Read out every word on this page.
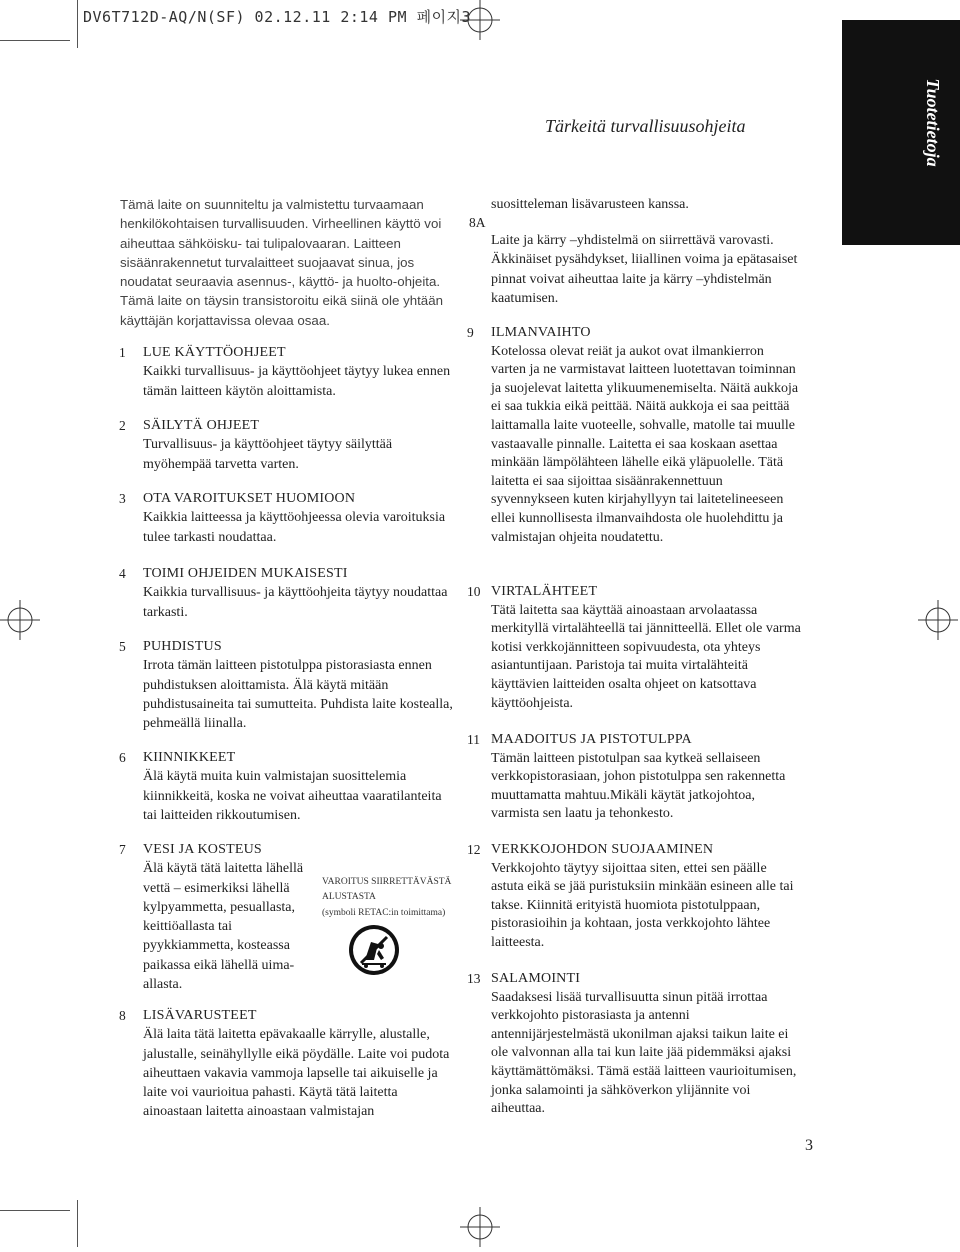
DV6T712D-AQ/N(SF) 02.12.11 2:14 PM 페이지3
Tärkeitä turvallisuusohjeita	Tuotetietoja
Tämä laite on suunniteltu ja valmistettu turvaamaan henkilökohtaisen turvallisuuden. Virheellinen käyttö voi aiheuttaa sähköisku- tai tulipalovaaran. Laitteen sisäänrakennetut turvalaitteet suojaavat sinua, jos noudatat seuraavia asennus-, käyttö- ja huolto-ohjeita. Tämä laite on täysin transistoroitu eikä siinä ole yhtään käyttäjän korjattavissa olevaa osaa.
1 LUE KÄYTTÖOHJEET
Kaikki turvallisuus- ja käyttöohjeet täytyy lukea ennen tämän laitteen käytön aloittamista.
2 SÄILYTÄ OHJEET
Turvallisuus- ja käyttöohjeet täytyy säilyttää myöhempää tarvetta varten.
3 OTA VAROITUKSET HUOMIOON
Kaikkia laitteessa ja käyttöohjeessa olevia varoituksia tulee tarkasti noudattaa.
4 TOIMI OHJEIDEN MUKAISESTI
Kaikkia turvallisuus- ja käyttöohjeita täytyy noudattaa tarkasti.
5 PUHDISTUS
Irrota tämän laitteen pistotulppa pistorasiasta ennen puhdistuksen aloittamista. Älä käytä mitään puhdistusaineita tai sumutteita. Puhdista laite kostealla, pehmeällä liinalla.
6 KIINNIKKEET
Älä käytä muita kuin valmistajan suosittelemia kiinnikkeitä, koska ne voivat aiheuttaa vaaratilanteita tai laitteiden rikkoutumisen.
7 VESI JA KOSTEUS
Älä käytä tätä laitetta lähellä vettä – esimerkiksi lähellä kylpyammetta, pesuallasta, keittiöallasta tai pyykkiammetta, kosteassa paikassa eikä lähellä uima-allasta.
VAROITUS SIIRRETTÄVÄSTÄ
ALUSTASTA
(symboli RETAC:in toimittama)
8 LISÄVARUSTEET
Älä laita tätä laitetta epävakaalle kärrylle, alustalle, jalustalle, seinähyllylle eikä pöydälle. Laite voi pudota aiheuttaen vakavia vammoja lapselle tai aikuiselle ja laite voi vaurioitua pahasti. Käytä tätä laitetta ainoastaan laitetta ainoastaan valmistajan
suositteleman lisävarusteen kanssa.
8A
Laite ja kärry –yhdistelmä on siirrettävä varovasti. Äkkinäiset pysähdykset, liiallinen voima ja epätasaiset pinnat voivat aiheuttaa laite ja kärry –yhdistelmän kaatumisen.
9 ILMANVAIHTO
Kotelossa olevat reiät ja aukot ovat ilmankierron varten ja ne varmistavat laitteen luotettavan toiminnan ja suojelevat laitetta ylikuumenemiselta. Näitä aukkoja ei saa tukkia eikä peittää. Näitä aukkoja ei saa peittää laittamalla laite vuoteelle, sohvalle, matolle tai muulle vastaavalle pinnalle. Laitetta ei saa koskaan asettaa minkään lämpölähteen lähelle eikä yläpuolelle. Tätä laitetta ei saa sijoittaa sisäänrakennettuun syvennykseen kuten kirjahyllyyn tai laitetelineeseen ellei kunnollisesta ilmanvaihdosta ole huolehdittu ja valmistajan ohjeita noudatettu.
10 VIRTALÄHTEET
Tätä laitetta saa käyttää ainoastaan arvolaatassa merkityllä virtalähteellä tai jännitteellä. Ellet ole varma kotisi verkkojännitteen sopivuudesta, ota yhteys asiantuntijaan. Paristoja tai muita virtalähteitä käyttävien laitteiden osalta ohjeet on katsottava käyttöohjeista.
11 MAADOITUS JA PISTOTULPPA
Tämän laitteen pistotulpan saa kytkeä sellaiseen verkkopistorasiaan, johon pistotulppa sen rakennetta muuttamatta mahtuu.Mikäli käytät jatkojohtoa, varmista sen laatu ja tehonkesto.
12 VERKKOJOHDON SUOJAAMINEN
Verkkojohto täytyy sijoittaa siten, ettei sen päälle astuta eikä se jää puristuksiin minkään esineen alle tai takse. Kiinnitä erityistä huomiota pistotulppaan, pistorasioihin ja kohtaan, josta verkkojohto lähtee laitteesta.
13 SALAMOINTI
Saadaksesi lisää turvallisuutta sinun pitää irrottaa verkkojohto pistorasiasta ja antenni antennijärjestelmästä ukonilman ajaksi taikun laite ei ole valvonnan alla tai kun laite jää pidemmäksi ajaksi käyttämättömäksi. Tämä estää laitteen vaurioitumisen, jonka salamointi ja sähköverkon ylijännite voi aiheuttaa.
3
